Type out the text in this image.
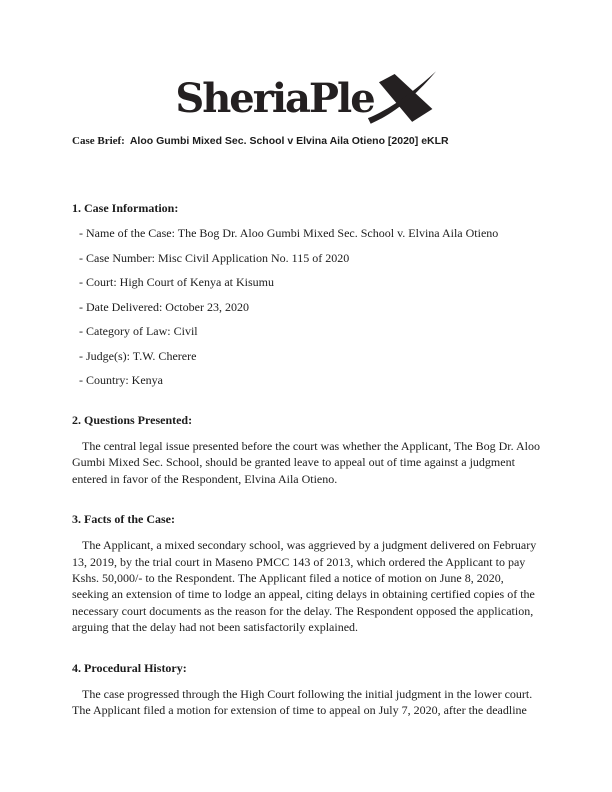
SheriaPle
Case Brief: Aloo Gumbi Mixed Sec. School v Elvina Aila Otieno [2020] eKLR
1. Case Information:

- Name of the Case: The Bog Dr. Aloo Gumbi Mixed Sec. School v. Elvina Aila Otieno

- Case Number: Misc Civil Application No. 115 of 2020

- Court: High Court of Kenya at Kisumu

- Date Delivered: October 23, 2020

- Category of Law: Civil

- Judge(s): T.W. Cherere

- Country: Kenya

2. Questions Presented:

The central legal issue presented before the court was whether the Applicant, The Bog Dr. Aloo Gumbi Mixed Sec. School, should be granted leave to appeal out of time against a judgment entered in favor of the Respondent, Elvina Aila Otieno.

3. Facts of the Case:

The Applicant, a mixed secondary school, was aggrieved by a judgment delivered on February 13, 2019, by the trial court in Maseno PMCC 143 of 2013, which ordered the Applicant to pay Kshs. 50,000/- to the Respondent. The Applicant filed a notice of motion on June 8, 2020, seeking an extension of time to lodge an appeal, citing delays in obtaining certified copies of the necessary court documents as the reason for the delay. The Respondent opposed the application, arguing that the delay had not been satisfactorily explained.

4. Procedural History:

The case progressed through the High Court following the initial judgment in the lower court. The Applicant filed a motion for extension of time to appeal on July 7, 2020, after the deadline
